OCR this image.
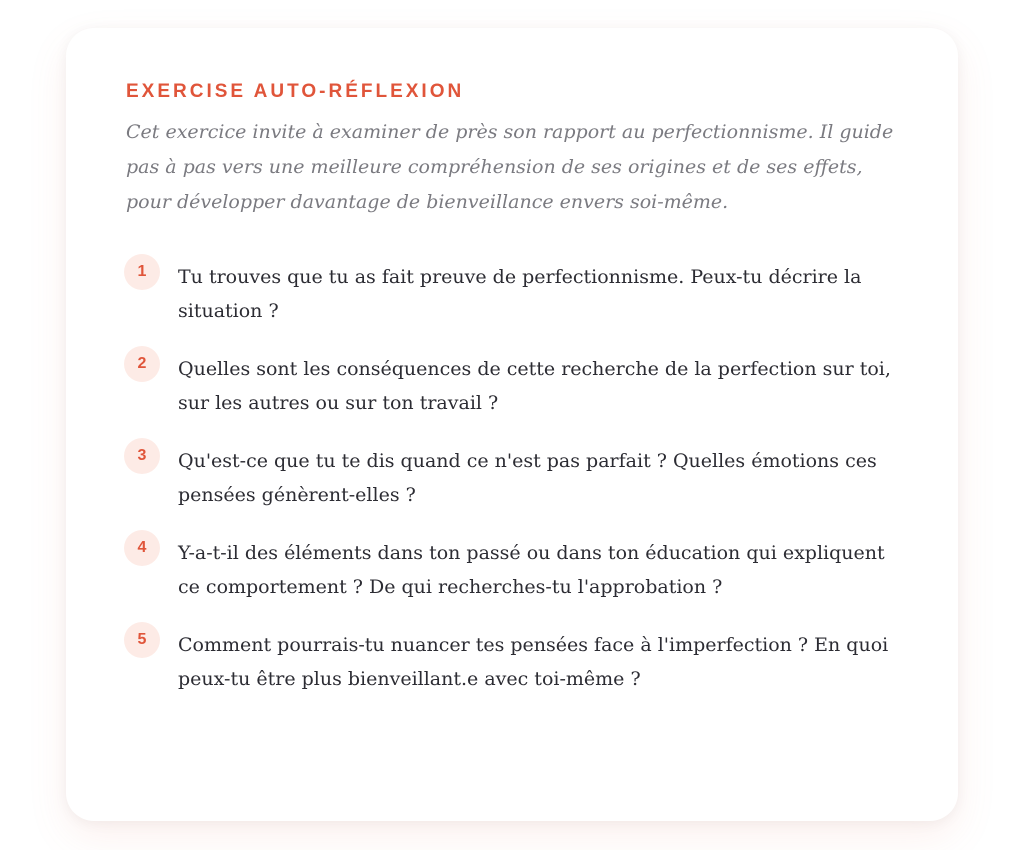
EXERCISE AUTO-RÉFLEXION

Cet exercice invite à examiner de près son rapport au perfectionnisme. Il guide pas à pas vers une meilleure compréhension de ses origines et de ses effets, pour développer davantage de bienveillance envers soi-même.

1	Tu trouves que tu as fait preuve de perfectionnisme. Peux-tu décrire la situation ?
2	Quelles sont les conséquences de cette recherche de la perfection sur toi, sur les autres ou sur ton travail ?
3	Qu'est-ce que tu te dis quand ce n'est pas parfait ? Quelles émotions ces pensées génèrent-elles ?
4	Y-a-t-il des éléments dans ton passé ou dans ton éducation qui expliquent ce comportement ? De qui recherches-tu l'approbation ?
5	Comment pourrais-tu nuancer tes pensées face à l'imperfection ? En quoi peux-tu être plus bienveillant.e avec toi-même ?
